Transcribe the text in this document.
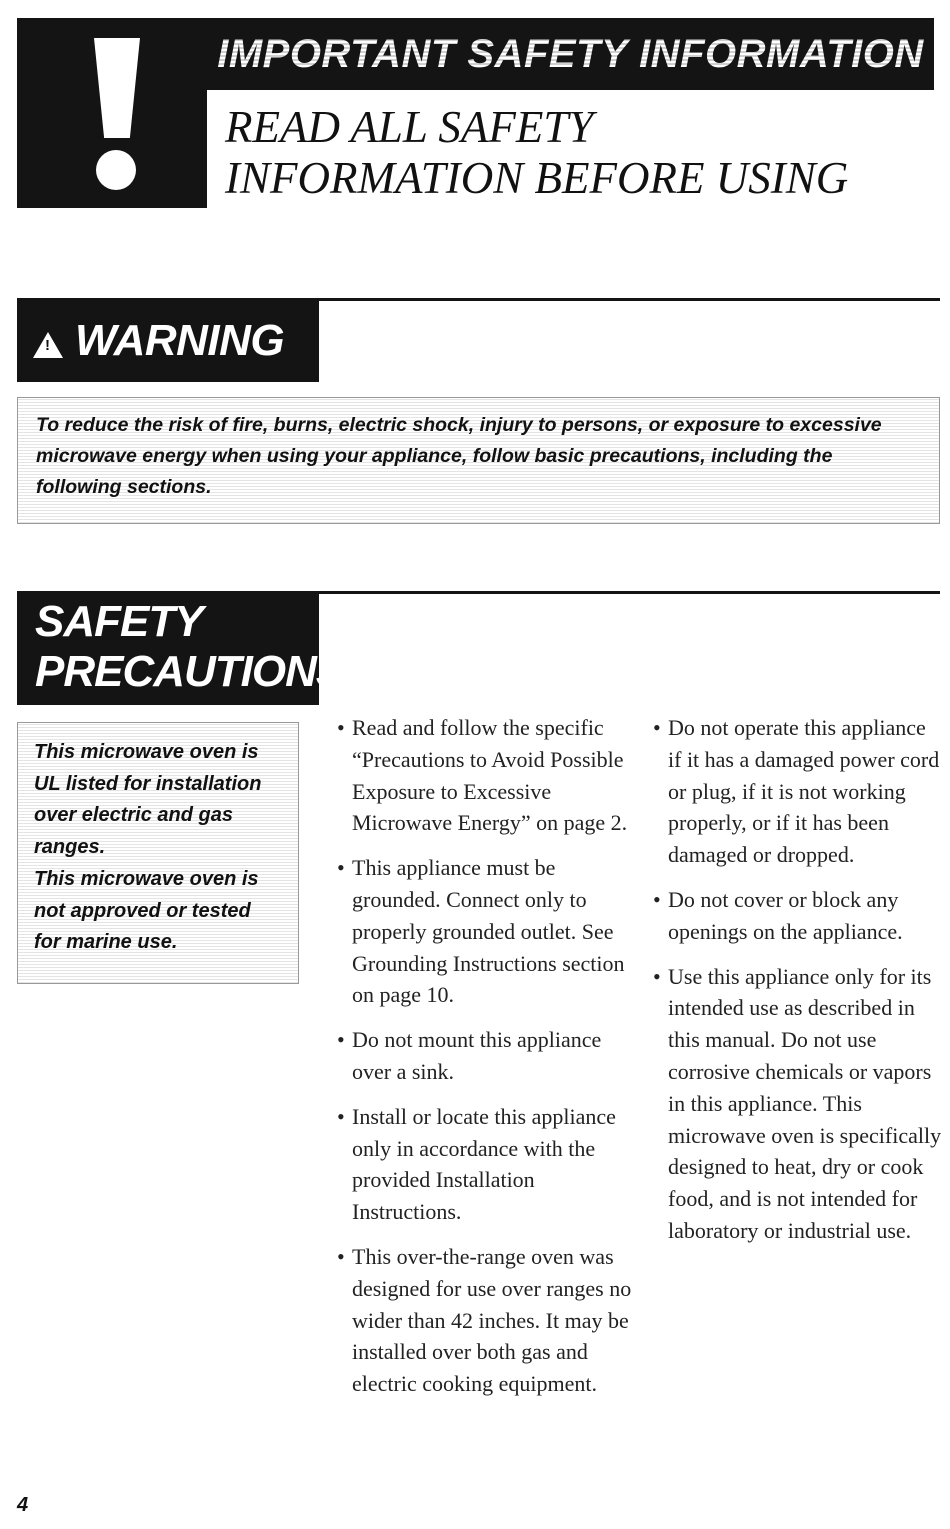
IMPORTANT SAFETY INFORMATION
READ ALL SAFETY
INFORMATION BEFORE USING
! WARNING
To reduce the risk of fire, burns, electric shock, injury to persons, or exposure to excessive microwave energy when using your appliance, follow basic precautions, including the following sections.
SAFETY
PRECAUTIONS

This microwave oven is UL listed for installation over electric and gas ranges.

This microwave oven is not approved or tested for marine use.

• Read and follow the specific “Precautions to Avoid Possible Exposure to Excessive Microwave Energy” on page 2.

• This appliance must be grounded. Connect only to properly grounded outlet. See Grounding Instructions section on page 10.

• Do not mount this appliance over a sink.

• Install or locate this appliance only in accordance with the provided Installation Instructions.

• This over-the-range oven was designed for use over ranges no wider than 42 inches. It may be installed over both gas and electric cooking equipment.

• Do not operate this appliance if it has a damaged power cord or plug, if it is not working properly, or if it has been damaged or dropped.

• Do not cover or block any openings on the appliance.

• Use this appliance only for its intended use as described in this manual. Do not use corrosive chemicals or vapors in this appliance. This microwave oven is specifically designed to heat, dry or cook food, and is not intended for laboratory or industrial use.

4
